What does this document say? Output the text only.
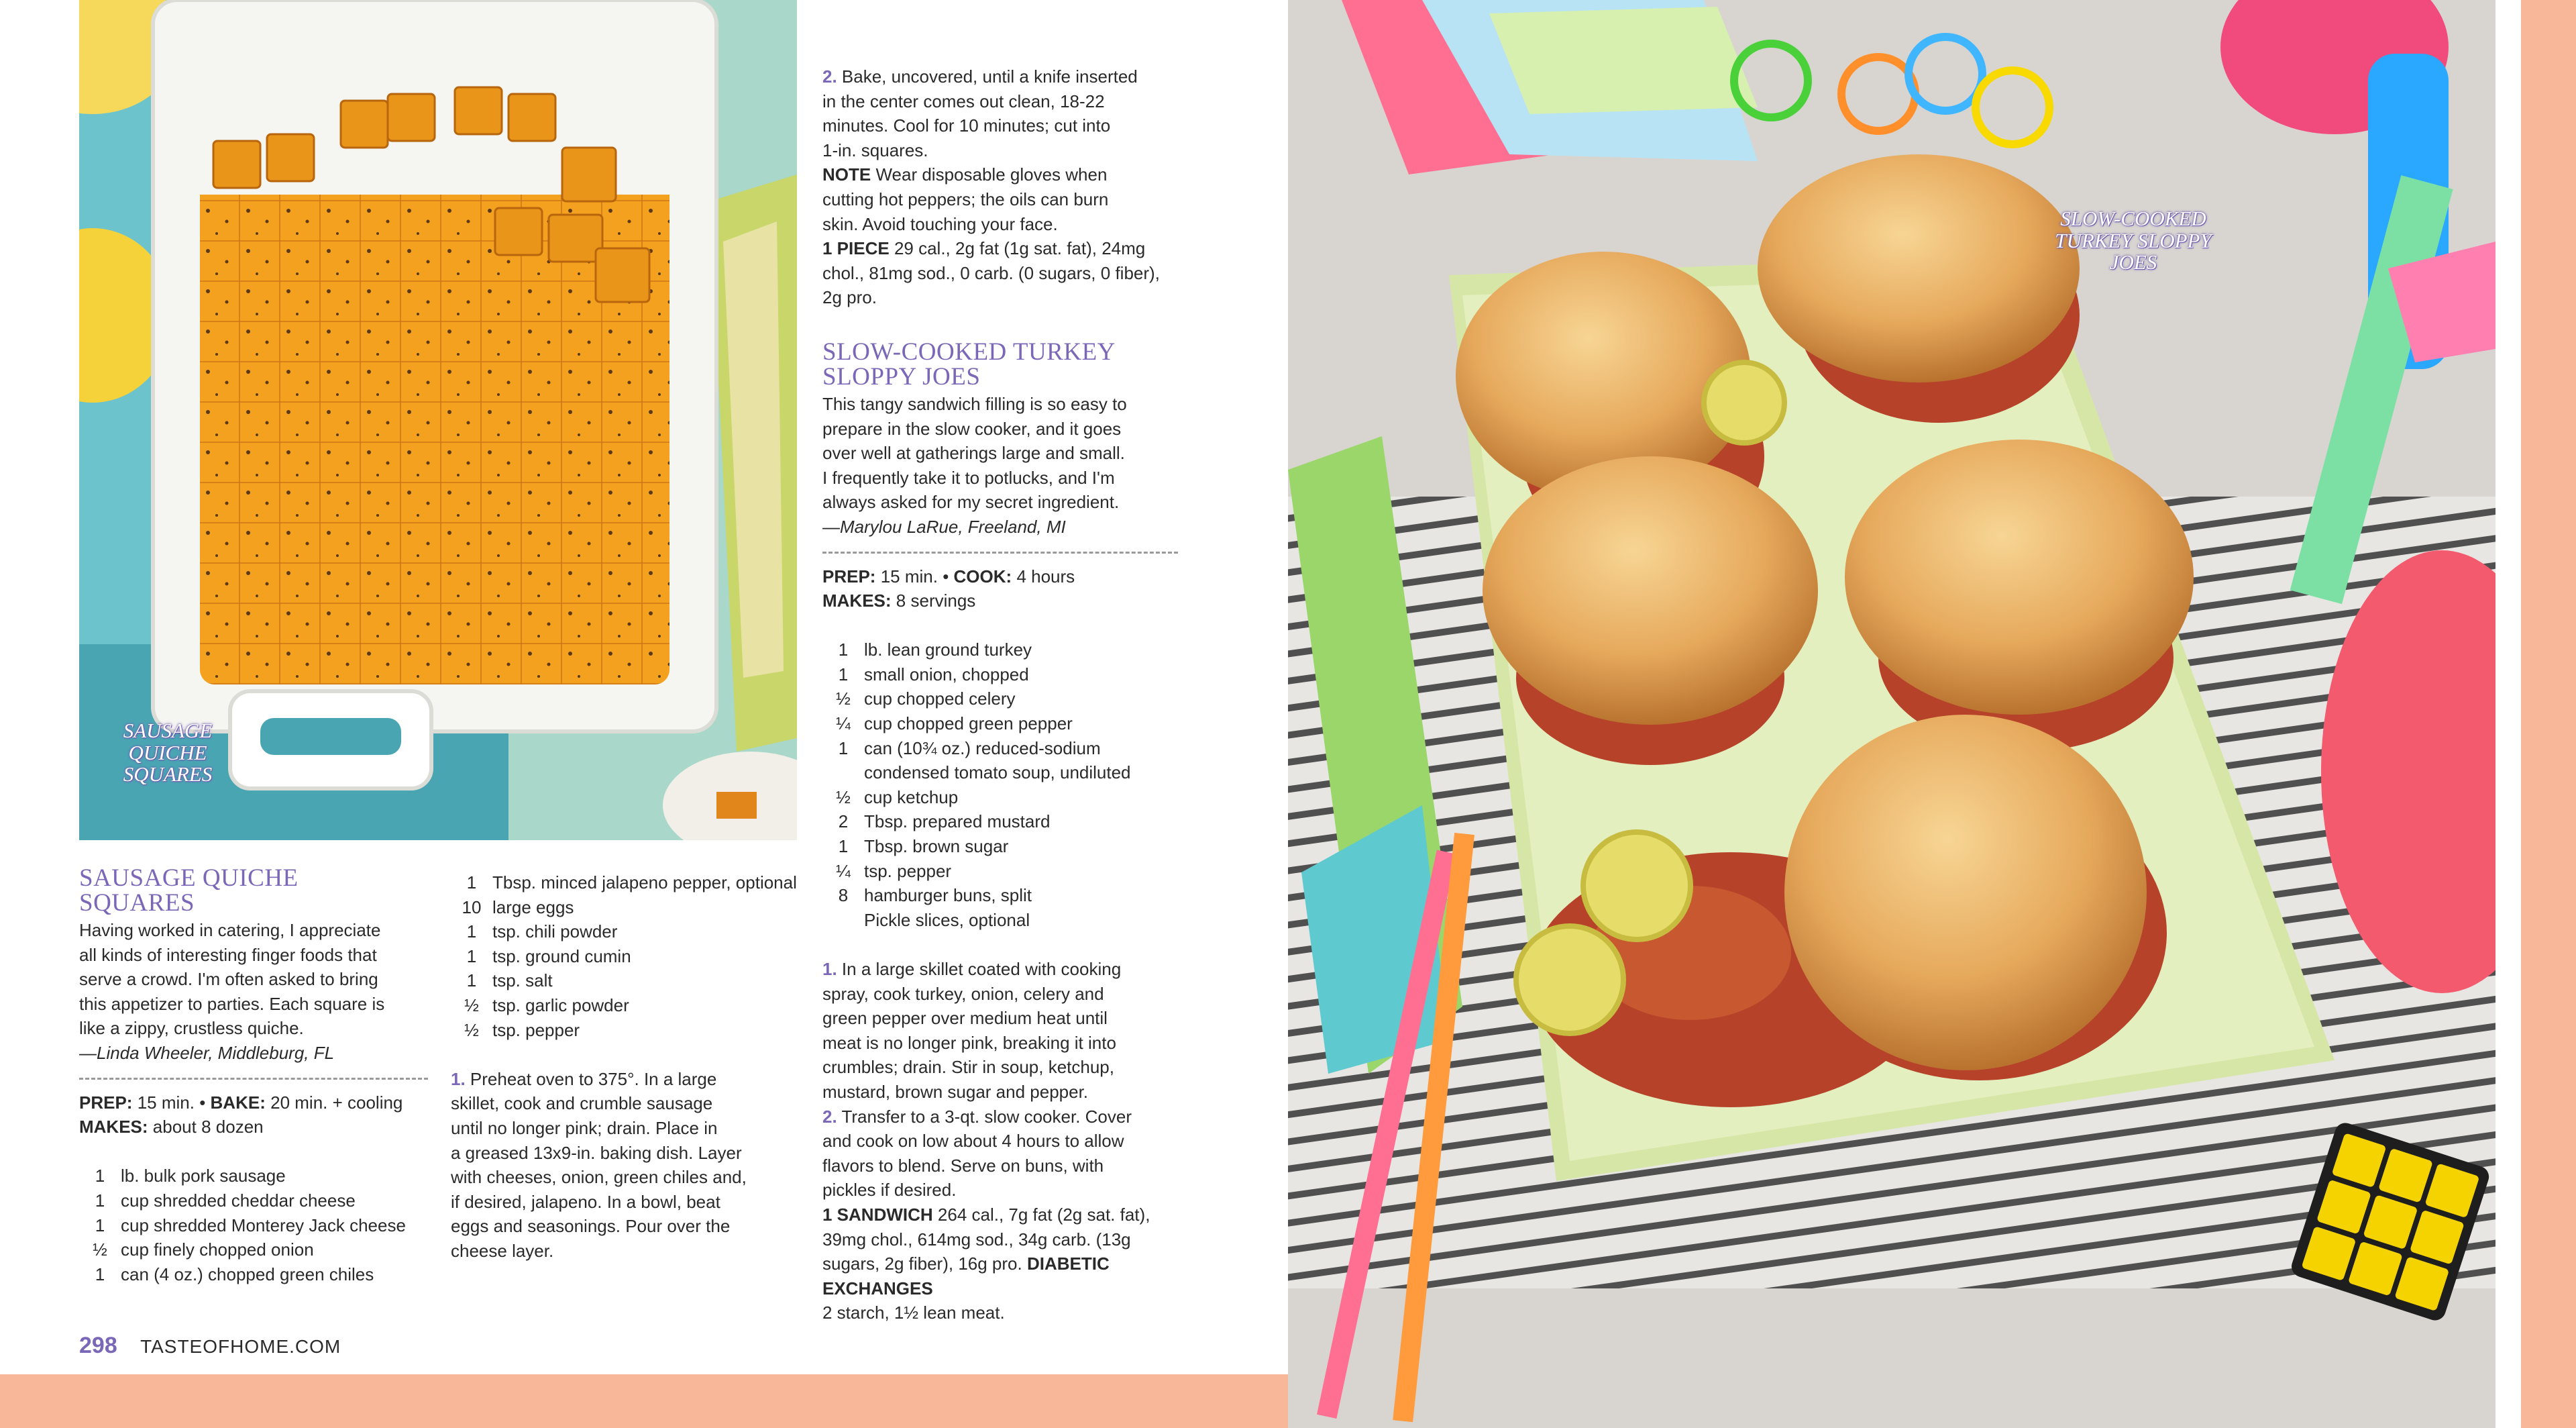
SAUSAGE QUICHE SQUARES
SAUSAGE QUICHE
SQUARES

Having worked in catering, I appreciate

all kinds of interesting finger foods that

serve a crowd. I'm often asked to bring

this appetizer to parties. Each square is

like a zippy, crustless quiche.

—Linda Wheeler, Middleburg, FL

PREP: 15 min. • BAKE: 20 min. + cooling
MAKES: about 8 dozen
1 lb. bulk pork sausage
1 cup shredded cheddar cheese
1 cup shredded Monterey Jack cheese
½ cup finely chopped onion
1 can (4 oz.) chopped green chiles
1 Tbsp. minced jalapeno pepper, optional
10 large eggs
1 tsp. chili powder
1 tsp. ground cumin
1 tsp. salt
½ tsp. garlic powder
½ tsp. pepper
1. Preheat oven to 375°. In a large
skillet, cook and crumble sausage
until no longer pink; drain. Place in
a greased 13x9-in. baking dish. Layer
with cheeses, onion, green chiles and,
if desired, jalapeno. In a bowl, beat
eggs and seasonings. Pour over the
cheese layer.
2. Bake, uncovered, until a knife inserted
in the center comes out clean, 18-22
minutes. Cool for 10 minutes; cut into
1-in. squares.
NOTE Wear disposable gloves when
cutting hot peppers; the oils can burn
skin. Avoid touching your face.
1 PIECE 29 cal., 2g fat (1g sat. fat), 24mg
chol., 81mg sod., 0 carb. (0 sugars, 0 fiber),
2g pro.
SLOW-COOKED TURKEY
SLOPPY JOES

This tangy sandwich filling is so easy to

prepare in the slow cooker, and it goes

over well at gatherings large and small.

I frequently take it to potlucks, and I'm

always asked for my secret ingredient.

—Marylou LaRue, Freeland, MI

PREP: 15 min. • COOK: 4 hours
MAKES: 8 servings
1 lb. lean ground turkey
1 small onion, chopped
½ cup chopped celery
¼ cup chopped green pepper
1 can (10¾ oz.) reduced-sodium condensed tomato soup, undiluted
½ cup ketchup
2 Tbsp. prepared mustard
1 Tbsp. brown sugar
¼ tsp. pepper
8 hamburger buns, split
Pickle slices, optional
1. In a large skillet coated with cooking
spray, cook turkey, onion, celery and
green pepper over medium heat until
meat is no longer pink, breaking it into
crumbles; drain. Stir in soup, ketchup,
mustard, brown sugar and pepper.
2. Transfer to a 3-qt. slow cooker. Cover
and cook on low about 4 hours to allow
flavors to blend. Serve on buns, with
pickles if desired.
1 SANDWICH 264 cal., 7g fat (2g sat. fat),
39mg chol., 614mg sod., 34g carb. (13g
sugars, 2g fiber), 16g pro. DIABETIC EXCHANGES
2 starch, 1½ lean meat.
298 TASTEOFHOME.COM
SLOW-COOKED TURKEY SLOPPY JOES
